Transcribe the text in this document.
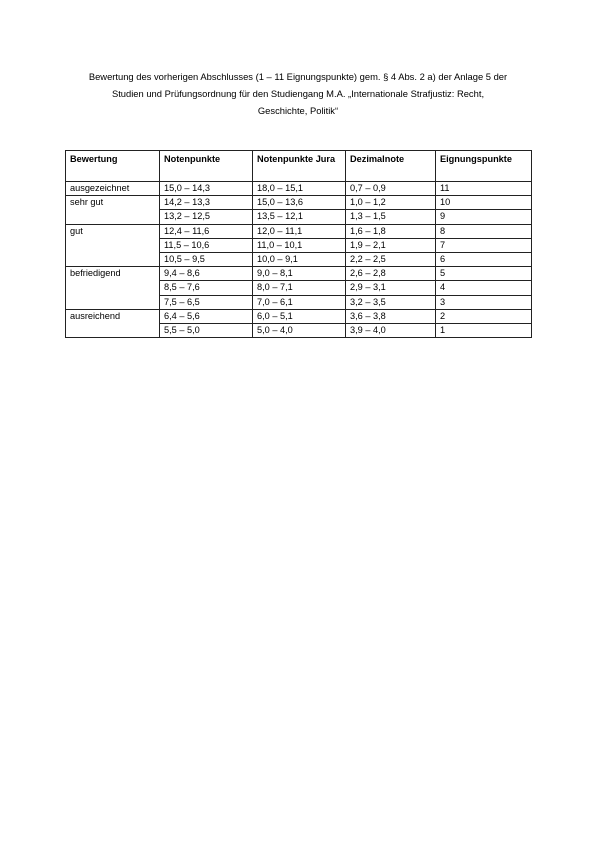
Bewertung des vorherigen Abschlusses (1 – 11 Eignungspunkte) gem. § 4 Abs. 2 a) der Anlage 5 der
Studien und Prüfungsordnung für den Studiengang M.A. „Internationale Strafjustiz: Recht,
Geschichte, Politik“
Bewertung	Notenpunkte	Notenpunkte Jura	Dezimalnote	Eignungspunkte
ausgezeichnet	15,0 – 14,3	18,0 – 15,1	0,7 – 0,9	11
sehr gut	14,2 – 13,3	15,0 – 13,6	1,0 – 1,2	10
	13,2 – 12,5	13,5 – 12,1	1,3 – 1,5	9
gut	12,4 – 11,6	12,0 – 11,1	1,6 – 1,8	8
	11,5 – 10,6	11,0 – 10,1	1,9 – 2,1	7
	10,5 – 9,5	10,0 – 9,1	2,2 – 2,5	6
befriedigend	9,4 – 8,6	9,0 – 8,1	2,6 – 2,8	5
	8,5 – 7,6	8,0 – 7,1	2,9 – 3,1	4
	7,5 – 6,5	7,0 – 6,1	3,2 – 3,5	3
ausreichend	6,4 – 5,6	6,0 – 5,1	3,6 – 3,8	2
	5,5 – 5,0	5,0 – 4,0	3,9 – 4,0	1
